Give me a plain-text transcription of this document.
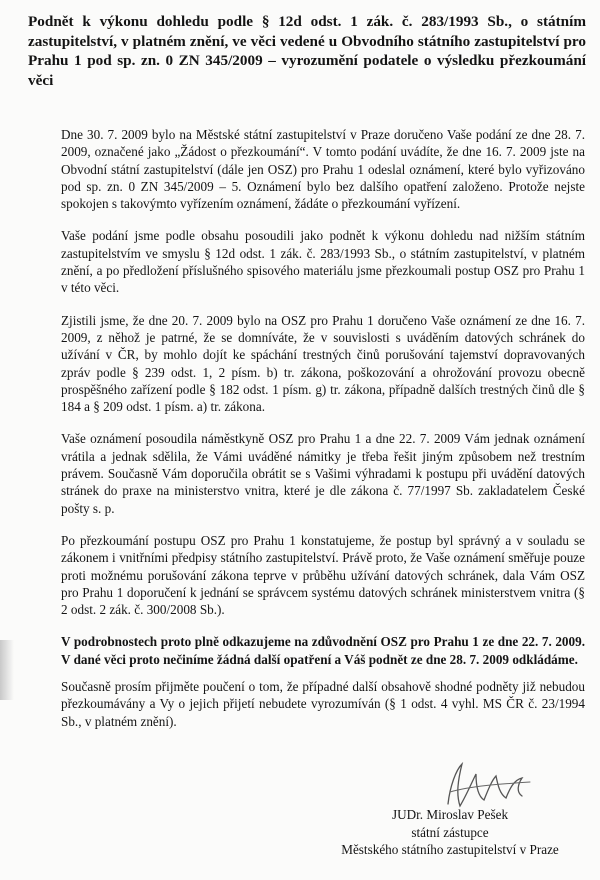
Podnět k výkonu dohledu podle § 12d odst. 1 zák. č. 283/1993 Sb., o státním zastupitelství, v platném znění, ve věci vedené u Obvodního státního zastupitelství pro Prahu 1 pod sp. zn. 0 ZN 345/2009 – vyrozumění podatele o výsledku přezkoumání věci

Dne 30. 7. 2009 bylo na Městské státní zastupitelství v Praze doručeno Vaše podání ze dne 28. 7. 2009, označené jako „Žádost o přezkoumání“. V tomto podání uvádíte, že dne 16. 7. 2009 jste na Obvodní státní zastupitelství (dále jen OSZ) pro Prahu 1 odeslal oznámení, které bylo vyřizováno pod sp. zn. 0 ZN 345/2009 – 5. Oznámení bylo bez dalšího opatření založeno. Protože nejste spokojen s takovýmto vyřízením oznámení, žádáte o přezkoumání vyřízení.

Vaše podání jsme podle obsahu posoudili jako podnět k výkonu dohledu nad nižším státním zastupitelstvím ve smyslu § 12d odst. 1 zák. č. 283/1993 Sb., o státním zastupitelství, v platném znění, a po předložení příslušného spisového materiálu jsme přezkoumali postup OSZ pro Prahu 1 v této věci.

Zjistili jsme, že dne 20. 7. 2009 bylo na OSZ pro Prahu 1 doručeno Vaše oznámení ze dne 16. 7. 2009, z něhož je patrné, že se domníváte, že v souvislosti s uváděním datových schránek do užívání v ČR, by mohlo dojít ke spáchání trestných činů porušování tajemství dopravovaných zpráv podle § 239 odst. 1, 2 písm. b) tr. zákona, poškozování a ohrožování provozu obecně prospěšného zařízení podle § 182 odst. 1 písm. g) tr. zákona, případně dalších trestných činů dle § 184 a § 209 odst. 1 písm. a) tr. zákona.

Vaše oznámení posoudila náměstkyně OSZ pro Prahu 1 a dne 22. 7. 2009 Vám jednak oznámení vrátila a jednak sdělila, že Vámi uváděné námitky je třeba řešit jiným způsobem než trestním právem. Současně Vám doporučila obrátit se s Vašimi výhradami k postupu při uvádění datových stránek do praxe na ministerstvo vnitra, které je dle zákona č. 77/1997 Sb. zakladatelem České pošty s. p.

Po přezkoumání postupu OSZ pro Prahu 1 konstatujeme, že postup byl správný a v souladu se zákonem i vnitřními předpisy státního zastupitelství. Právě proto, že Vaše oznámení směřuje pouze proti možnému porušování zákona teprve v průběhu užívání datových schránek, dala Vám OSZ pro Prahu 1 doporučení k jednání se správcem systému datových schránek ministerstvem vnitra (§ 2 odst. 2 zák. č. 300/2008 Sb.).

V podrobnostech proto plně odkazujeme na zdůvodnění OSZ pro Prahu 1 ze dne 22. 7. 2009. V dané věci proto nečiníme žádná další opatření a Váš podnět ze dne 28. 7. 2009 odkládáme.

Současně prosím přijměte poučení o tom, že případné další obsahově shodné podněty již nebudou přezkoumávány a Vy o jejich přijetí nebudete vyrozumíván (§ 1 odst. 4 vyhl. MS ČR č. 23/1994 Sb., v platném znění).

JUDr. Miroslav Pešek
státní zástupce
Městského státního zastupitelství v Praze
